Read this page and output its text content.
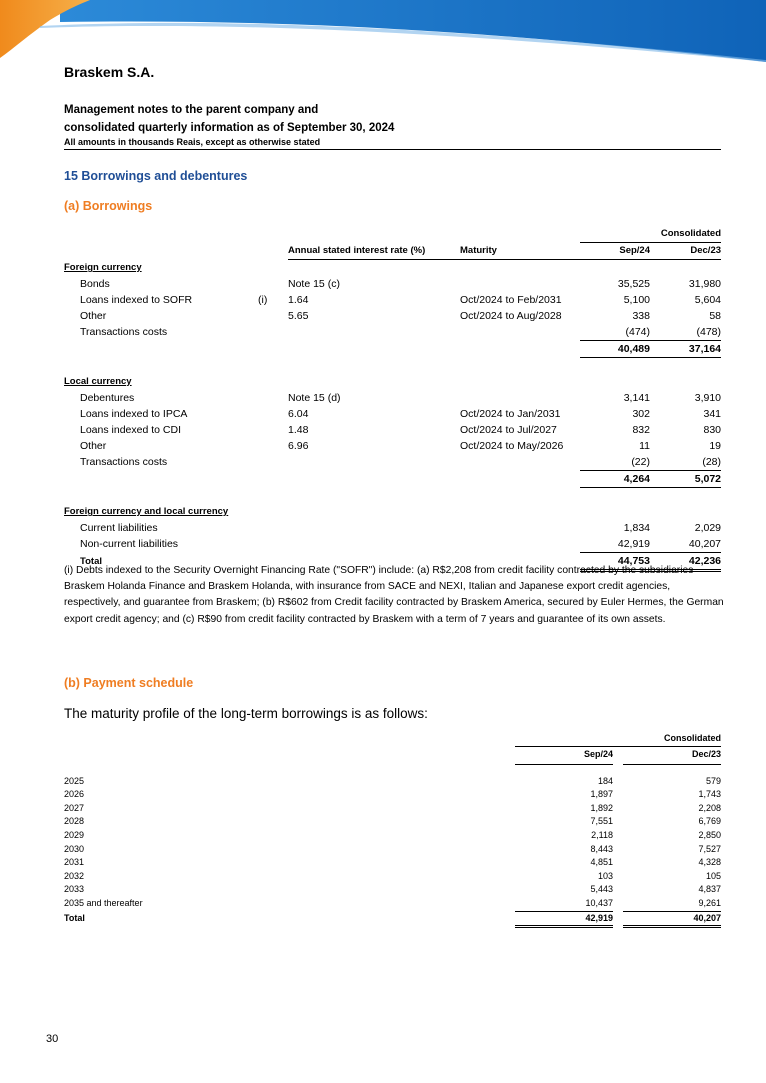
Braskem S.A.
Management notes to the parent company and
consolidated quarterly information as of September 30, 2024
All amounts in thousands Reais, except as otherwise stated
15 Borrowings and debentures
(a) Borrowings
				Consolidated	
		Annual stated interest rate (%)	Maturity	Sep/24	Dec/23
Foreign currency					
Bonds		Note 15 (c)		35,525	31,980
Loans indexed to SOFR	(i)	1.64	Oct/2024 to Feb/2031	5,100	5,604
Other		5.65	Oct/2024 to Aug/2028	338	58
Transactions costs				(474)	(478)
				40,489	37,164

Local currency					
Debentures		Note 15 (d)		3,141	3,910
Loans indexed to IPCA		6.04	Oct/2024 to Jan/2031	302	341
Loans indexed to CDI		1.48	Oct/2024 to Jul/2027	832	830
Other		6.96	Oct/2024 to May/2026	11	19
Transactions costs				(22)	(28)
				4,264	5,072

Foreign currency and local currency					
Current liabilities				1,834	2,029
Non-current liabilities				42,919	40,207
Total				44,753	42,236
(i) Debts indexed to the Security Overnight Financing Rate ("SOFR") include: (a) R$2,208 from credit facility contracted by the subsidiaries Braskem Holanda Finance and Braskem Holanda, with insurance from SACE and NEXI, Italian and Japanese export credit agencies, respectively, and guarantee from Braskem; (b) R$602 from Credit facility contracted by Braskem America, secured by Euler Hermes, the German export credit agency; and (c) R$90 from credit facility contracted by Braskem with a term of 7 years and guarantee of its own assets.
(b) Payment schedule
The maturity profile of the long-term borrowings is as follows:
	Consolidated		
	Sep/24		Dec/23

2025	184		579
2026	1,897		1,743
2027	1,892		2,208
2028	7,551		6,769
2029	2,118		2,850
2030	8,443		7,527
2031	4,851		4,328
2032	103		105
2033	5,443		4,837
2035 and thereafter	10,437		9,261
Total	42,919		40,207
30
